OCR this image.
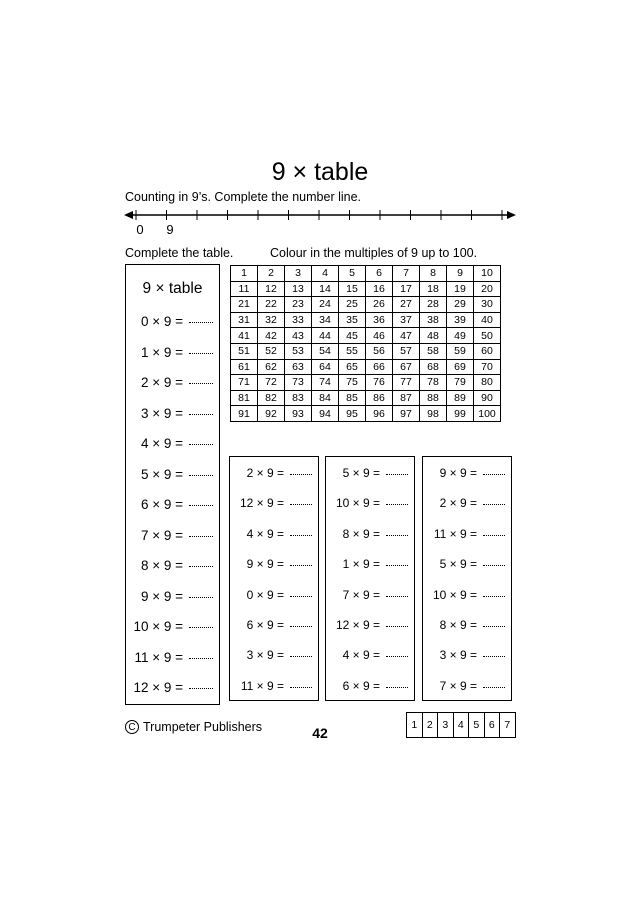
9 × table
Counting in 9’s. Complete the number line.
0	9
Complete the table.	Colour in the multiples of 9 up to 100.
9 × table
0 × 9 =
1 × 9 =
2 × 9 =
3 × 9 =
4 × 9 =
5 × 9 =
6 × 9 =
7 × 9 =
8 × 9 =
9 × 9 =
10 × 9 =
11 × 9 =
12 × 9 =
1	2	3	4	5	6	7	8	9	10
11	12	13	14	15	16	17	18	19	20
21	22	23	24	25	26	27	28	29	30
31	32	33	34	35	36	37	38	39	40
41	42	43	44	45	46	47	48	49	50
51	52	53	54	55	56	57	58	59	60
61	62	63	64	65	66	67	68	69	70
71	72	73	74	75	76	77	78	79	80
81	82	83	84	85	86	87	88	89	90
91	92	93	94	95	96	97	98	99	100
2 × 9 =
12 × 9 =
4 × 9 =
9 × 9 =
0 × 9 =
6 × 9 =
3 × 9 =
11 × 9 =
5 × 9 =
10 × 9 =
8 × 9 =
1 × 9 =
7 × 9 =
12 × 9 =
4 × 9 =
6 × 9 =
9 × 9 =
2 × 9 =
11 × 9 =
5 × 9 =
10 × 9 =
8 × 9 =
3 × 9 =
7 × 9 =
C Trumpeter Publishers	42	1	2	3	4	5	6	7
